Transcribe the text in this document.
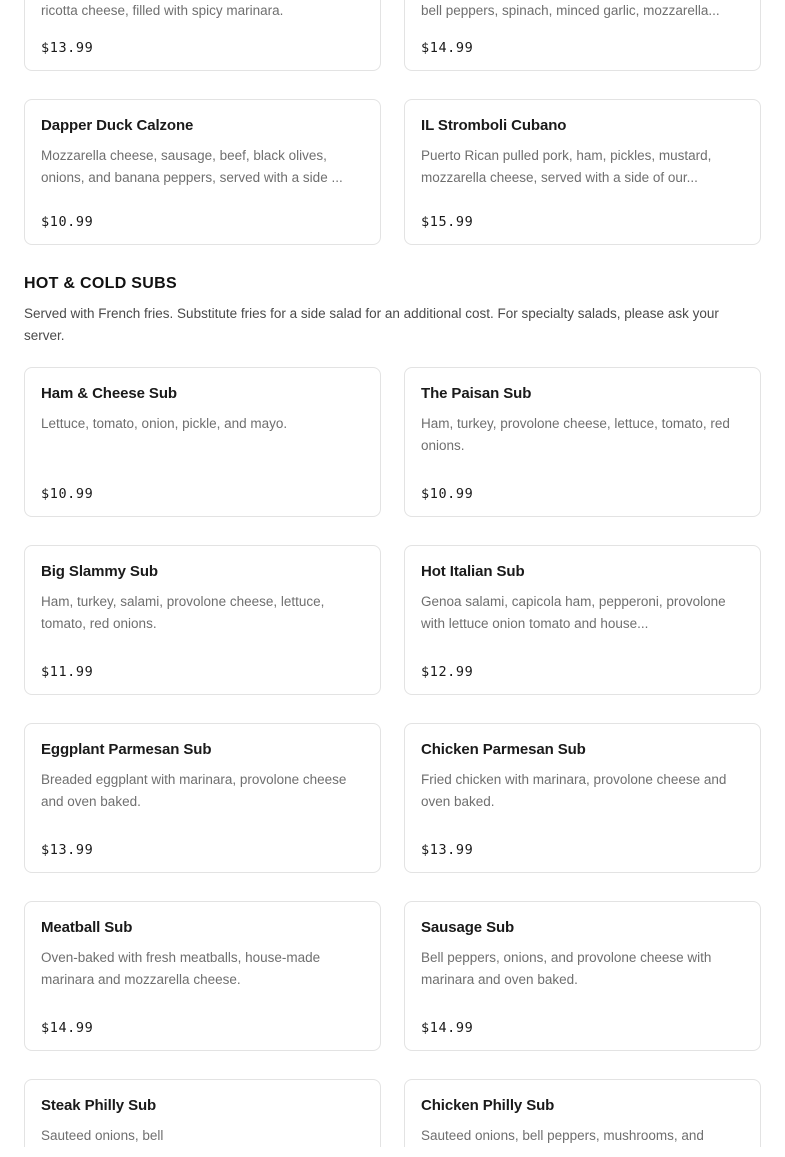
ricotta cheese, filled with spicy marinara.

$13.99

bell peppers, spinach, minced garlic, mozzarella...

$14.99
Dapper Duck Calzone

Mozzarella cheese, sausage, beef, black olives, onions, and banana peppers, served with a side ...

$10.99
IL Stromboli Cubano

Puerto Rican pulled pork, ham, pickles, mustard, mozzarella cheese, served with a side of our...

$15.99
HOT & COLD SUBS

Served with French fries. Substitute fries for a side salad for an additional cost. For specialty salads, please ask your server.

Ham & Cheese Sub

Lettuce, tomato, onion, pickle, and mayo.

$10.99
The Paisan Sub

Ham, turkey, provolone cheese, lettuce, tomato, red onions.

$10.99
Big Slammy Sub

Ham, turkey, salami, provolone cheese, lettuce, tomato, red onions.

$11.99
Hot Italian Sub

Genoa salami, capicola ham, pepperoni, provolone with lettuce onion tomato and house...

$12.99
Eggplant Parmesan Sub

Breaded eggplant with marinara, provolone cheese and oven baked.

$13.99
Chicken Parmesan Sub

Fried chicken with marinara, provolone cheese and oven baked.

$13.99
Meatball Sub

Oven-baked with fresh meatballs, house-made marinara and mozzarella cheese.

$14.99
Sausage Sub

Bell peppers, onions, and provolone cheese with marinara and oven baked.

$14.99
Steak Philly Sub

Sauteed onions, bell

Chicken Philly Sub

Sauteed onions, bell peppers, mushrooms, and
